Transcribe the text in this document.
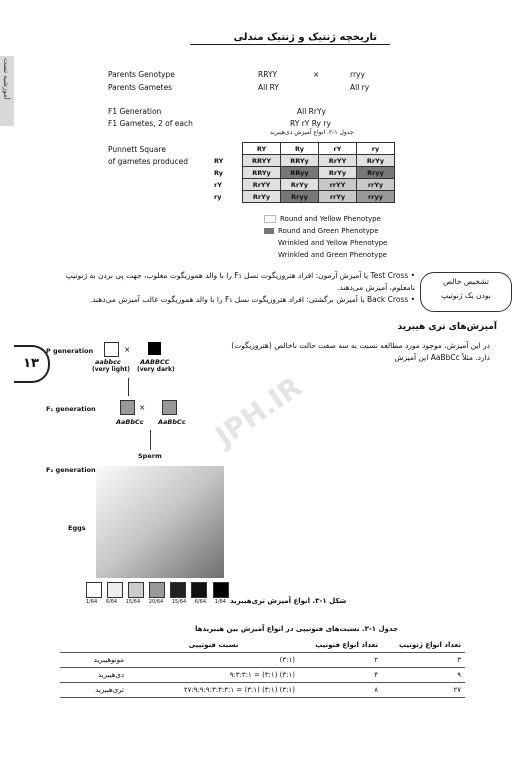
تاریخچه ژنتیک و ژنتیک مندلی
آموزشیه تست
۱۳
Parents Genotype	RRYY	×	rryy
Parents Gametes	All RY	All ry
F1 Generation	All RrYy
F1 Gametes, 2 of each	RY rY Ry ry
جدول ۱-۲. انواع آمیزش دی‌هیبرید
Punnett Square
of gametes produced
	RY	Ry	rY	ry
RY	RRYY	RRYy	RrYY	RrYy
Ry	RRYy	RRyy	RrYy	Rryy
rY	RrYY	RrYy	rrYY	rrYy
ry	RrYy	Rryy	rrYy	rryy
Round and Yellow Phenotype
Round and Green Phenotype
Wrinkled and Yellow Phenotype
Wrinkled and Green Phenotype
تشخیص خالص
بودن یک ژنوتیپ
• Test Cross یا آمیزش آزمون: افراد هتروزیگوت نسل F₁ را با والد هموزیگوت مغلوب، جهت پی بردن به ژنوتیپ نامعلوم، آمیزش می‌دهند.
• Back Cross یا آمیزش برگشتی: افراد هتروزیگوت نسل F₁ را با والد هموزیگوت غالب آمیزش می‌دهند.
آمیزش‌های تری هیبرید
در این آمیزش، موجود مورد مطالعه نسبت به سه صفت حالت ناخالص (هتروزیگوت) دارد. مثلاً AaBbCc این آمیزش
JPH.IR
P generation	×
aabbcc
(very light)
AABBCC
(very dark)
F₁ generation	×
AaBbCc AaBbCc
Sperm
F₂ generation
Eggs

1/64 6/64 15/64 20/64 15/64 6/64 1/64 شکل ۱-۳. انواع آمیزش تری‌هیبرید
جدول ۱-۳. نسبت‌های فنوتیپی در انواع آمیزش بین هیبریدها
تعداد انواع ژنوتیپ	تعداد انواع فنوتیپ	نسبت فنوتیپی	
۳	۲	(۳:۱)	مونوهیبرید
۹	۴	(۳:۱) (۳:۱) = ۹:۳:۳:۱	دی‌هیبرید
۲۷	۸	(۳:۱) (۳:۱) (۳:۱) = ۲۷:۹:۹:۹:۳:۳:۳:۱	تری‌هیبرید
